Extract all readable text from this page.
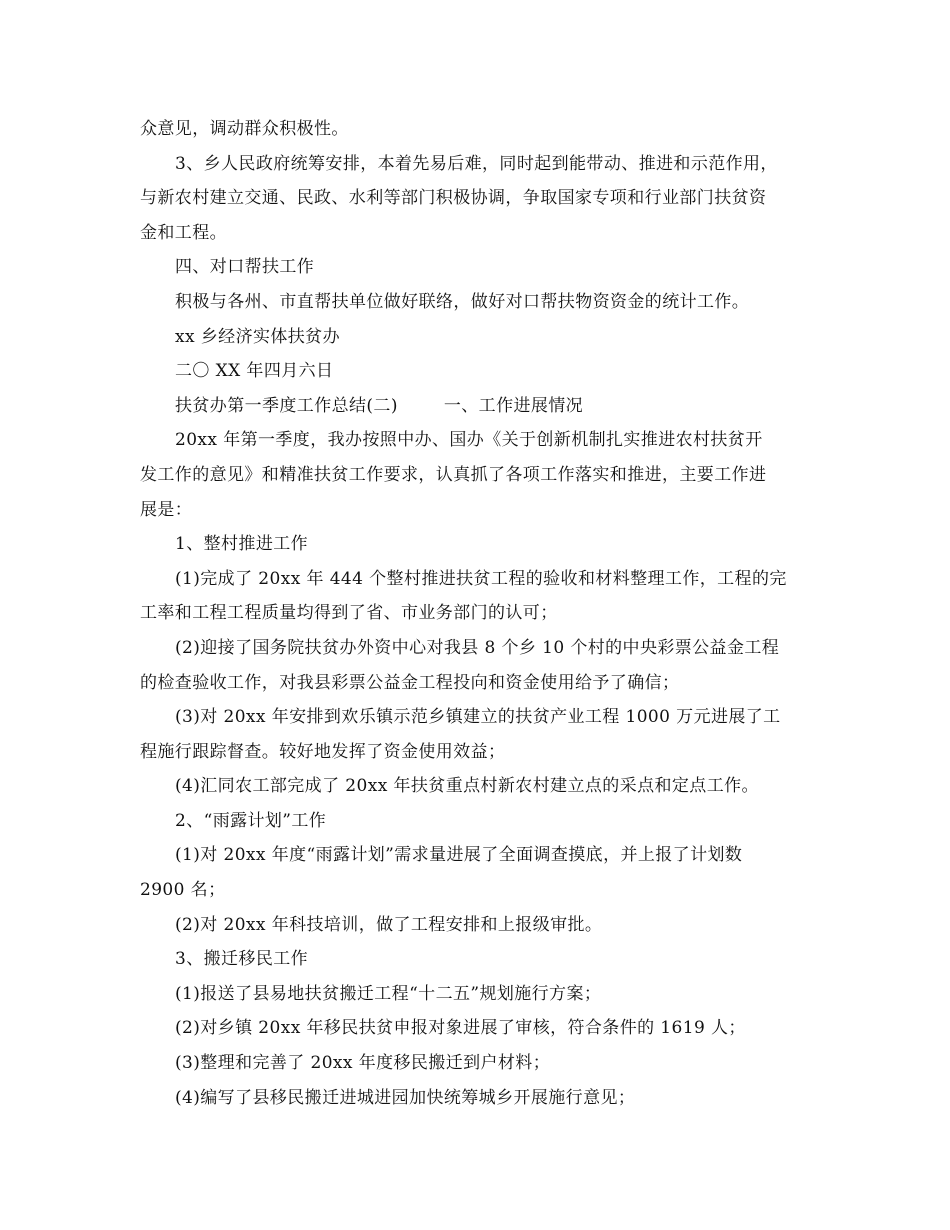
众意见，调动群众积极性。
3、乡人民政府统筹安排，本着先易后难，同时起到能带动、推进和示范作用，
与新农村建立交通、民政、水利等部门积极协调，争取国家专项和行业部门扶贫资
金和工程。
四、对口帮扶工作
积极与各州、市直帮扶单位做好联络，做好对口帮扶物资资金的统计工作。
xx 乡经济实体扶贫办
二〇 XX 年四月六日
扶贫办第一季度工作总结(二)	一、工作进展情况
20xx 年第一季度，我办按照中办、国办《关于创新机制扎实推进农村扶贫开
发工作的意见》和精准扶贫工作要求，认真抓了各项工作落实和推进，主要工作进
展是：
1、整村推进工作
(1)完成了 20xx 年 444 个整村推进扶贫工程的验收和材料整理工作，工程的完
工率和工程工程质量均得到了省、市业务部门的认可；
(2)迎接了国务院扶贫办外资中心对我县 8 个乡 10 个村的中央彩票公益金工程
的检查验收工作，对我县彩票公益金工程投向和资金使用给予了确信；
(3)对 20xx 年安排到欢乐镇示范乡镇建立的扶贫产业工程 1000 万元进展了工
程施行跟踪督查。较好地发挥了资金使用效益；
(4)汇同农工部完成了 20xx 年扶贫重点村新农村建立点的采点和定点工作。
2、“雨露计划”工作
(1)对 20xx 年度“雨露计划”需求量进展了全面调查摸底，并上报了计划数
2900 名；
(2)对 20xx 年科技培训，做了工程安排和上报级审批。
3、搬迁移民工作
(1)报送了县易地扶贫搬迁工程“十二五”规划施行方案；
(2)对乡镇 20xx 年移民扶贫申报对象进展了审核，符合条件的 1619 人；
(3)整理和完善了 20xx 年度移民搬迁到户材料；
(4)编写了县移民搬迁进城进园加快统筹城乡开展施行意见；
